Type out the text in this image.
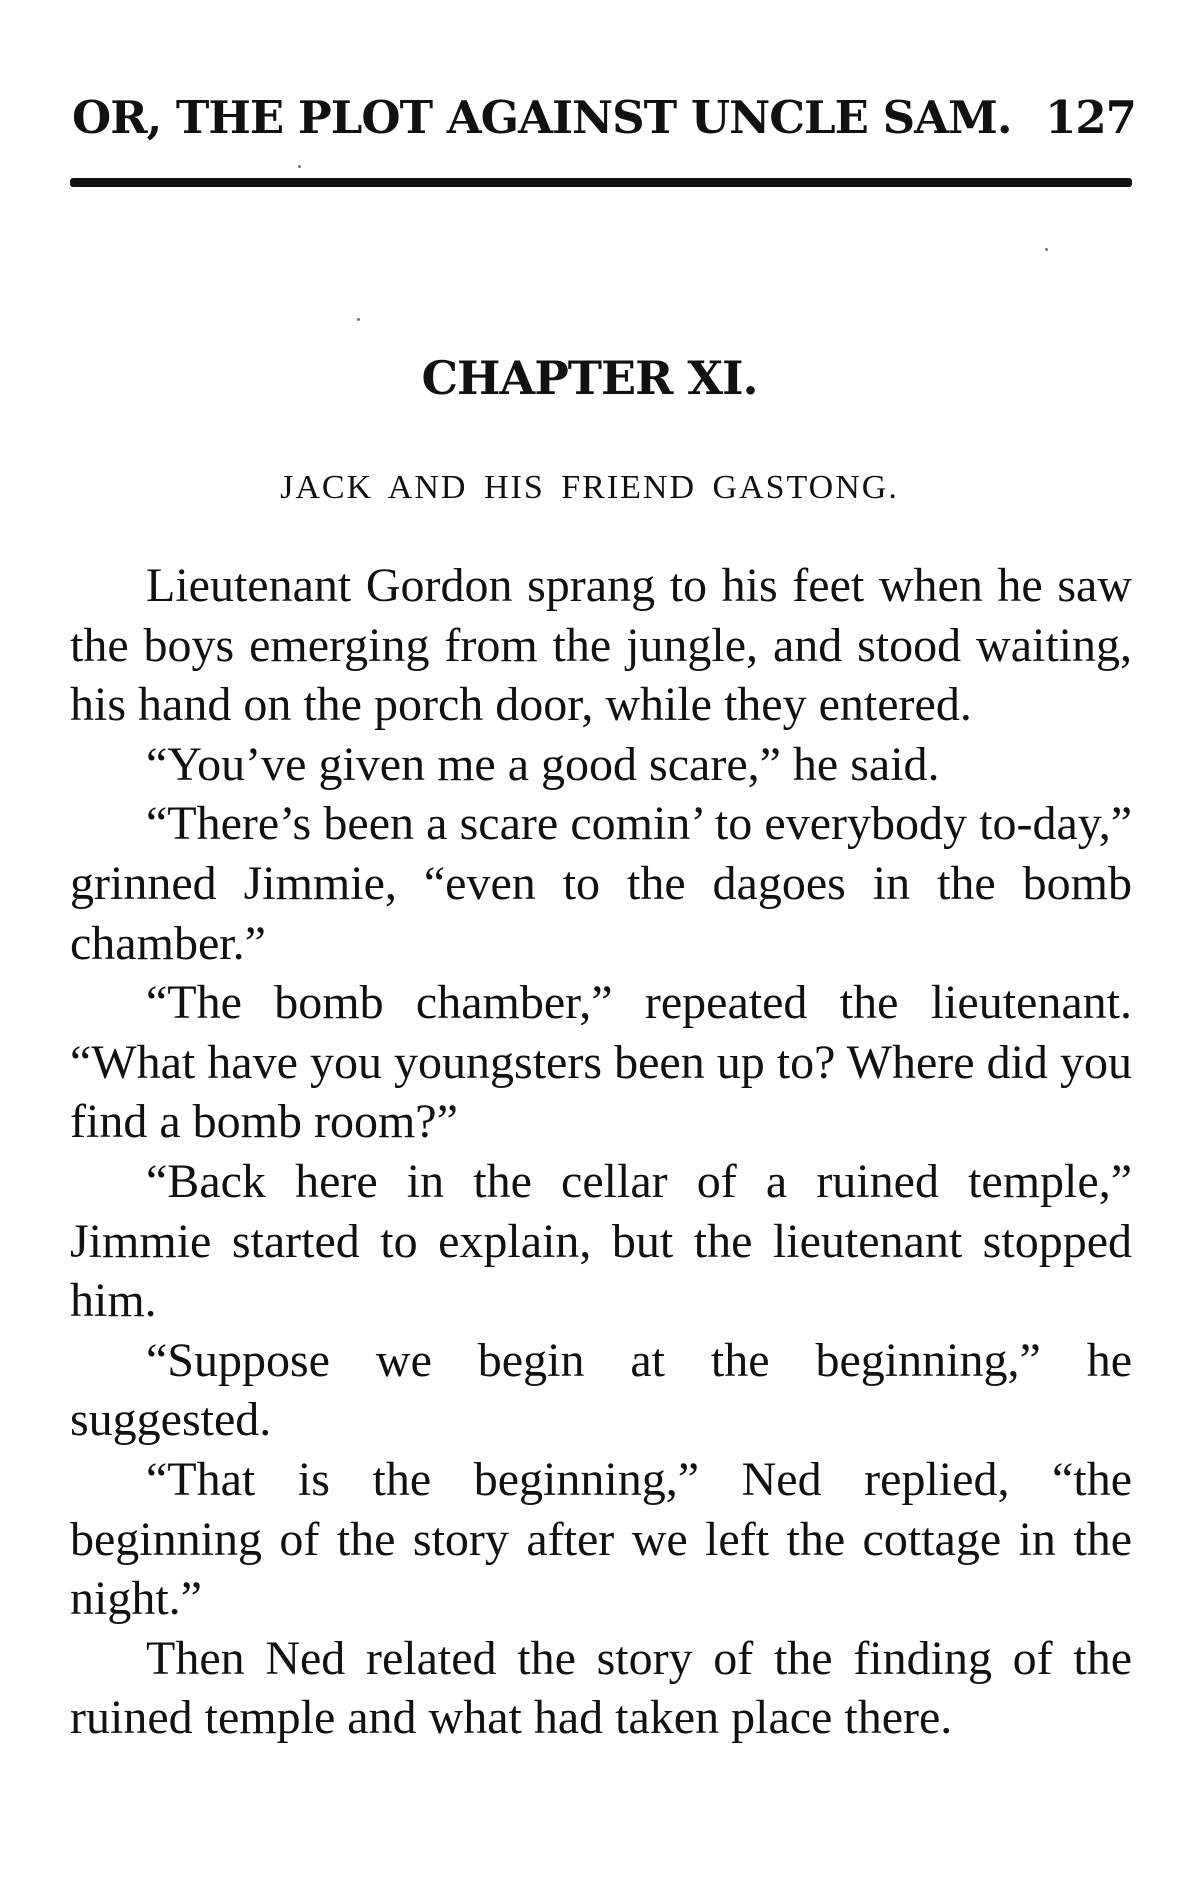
OR, THE PLOT AGAINST UNCLE SAM. 127
CHAPTER XI.
JACK AND HIS FRIEND GASTONG.

Lieutenant Gordon sprang to his feet when he saw the boys emerging from the jungle, and stood waiting, his hand on the porch door, while they entered.

“You’ve given me a good scare,” he said.

“There’s been a scare comin’ to everybody to-day,” grinned Jimmie, “even to the dagoes in the bomb chamber.”

“The bomb chamber,” repeated the lieutenant. “What have you youngsters been up to? Where did you find a bomb room?”

“Back here in the cellar of a ruined temple,” Jimmie started to explain, but the lieutenant stopped him.

“Suppose we begin at the beginning,” he suggested.

“That is the beginning,” Ned replied, “the beginning of the story after we left the cottage in the night.”

Then Ned related the story of the finding of the ruined temple and what had taken place there.
